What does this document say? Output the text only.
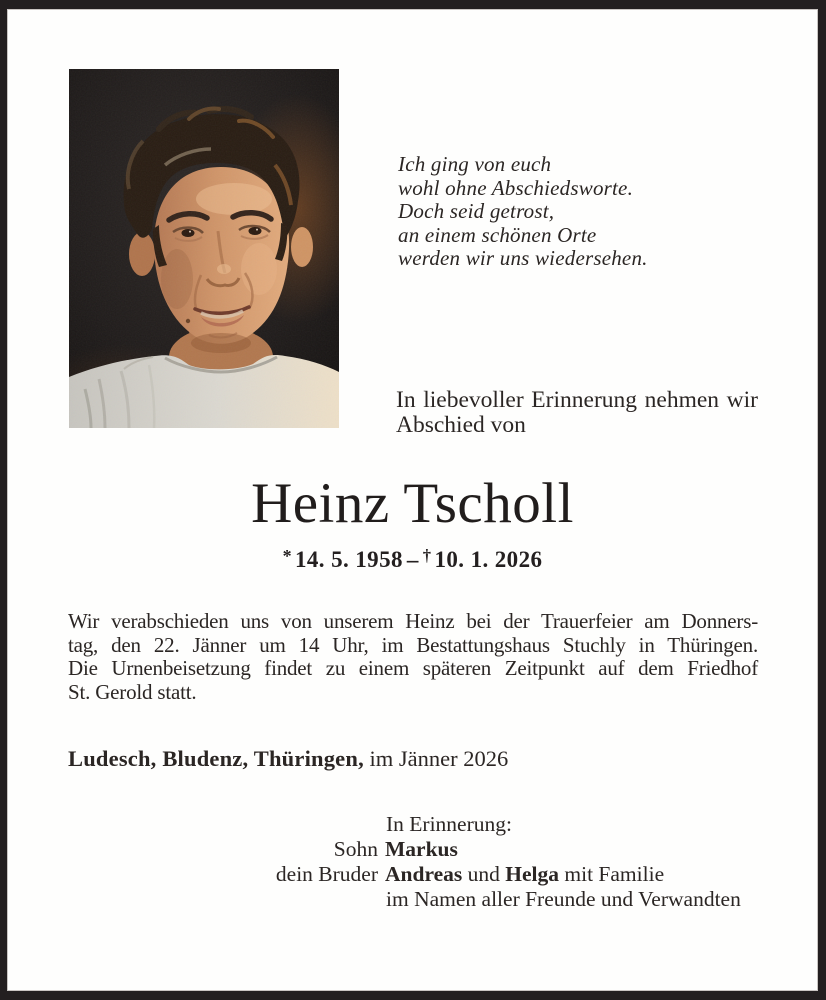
Ich ging von euch
wohl ohne Abschiedsworte.
Doch seid getrost,
an einem schönen Orte
werden wir uns wiedersehen.
In liebevoller Erinnerung nehmen wir
Abschied von
Heinz Tscholl
* 14. 5. 1958 – † 10. 1. 2026
Wir verabschieden uns von unserem Heinz bei der Trauerfeier am Donners-
tag, den 22. Jänner um 14 Uhr, im Bestattungshaus Stuchly in Thüringen.
Die Urnenbeisetzung findet zu einem späteren Zeitpunkt auf dem Friedhof
St. Gerold statt.
Ludesch, Bludenz, Thüringen, im Jänner 2026
In Erinnerung:
Sohn Markus
dein Bruder Andreas und Helga mit Familie
im Namen aller Freunde und Verwandten
